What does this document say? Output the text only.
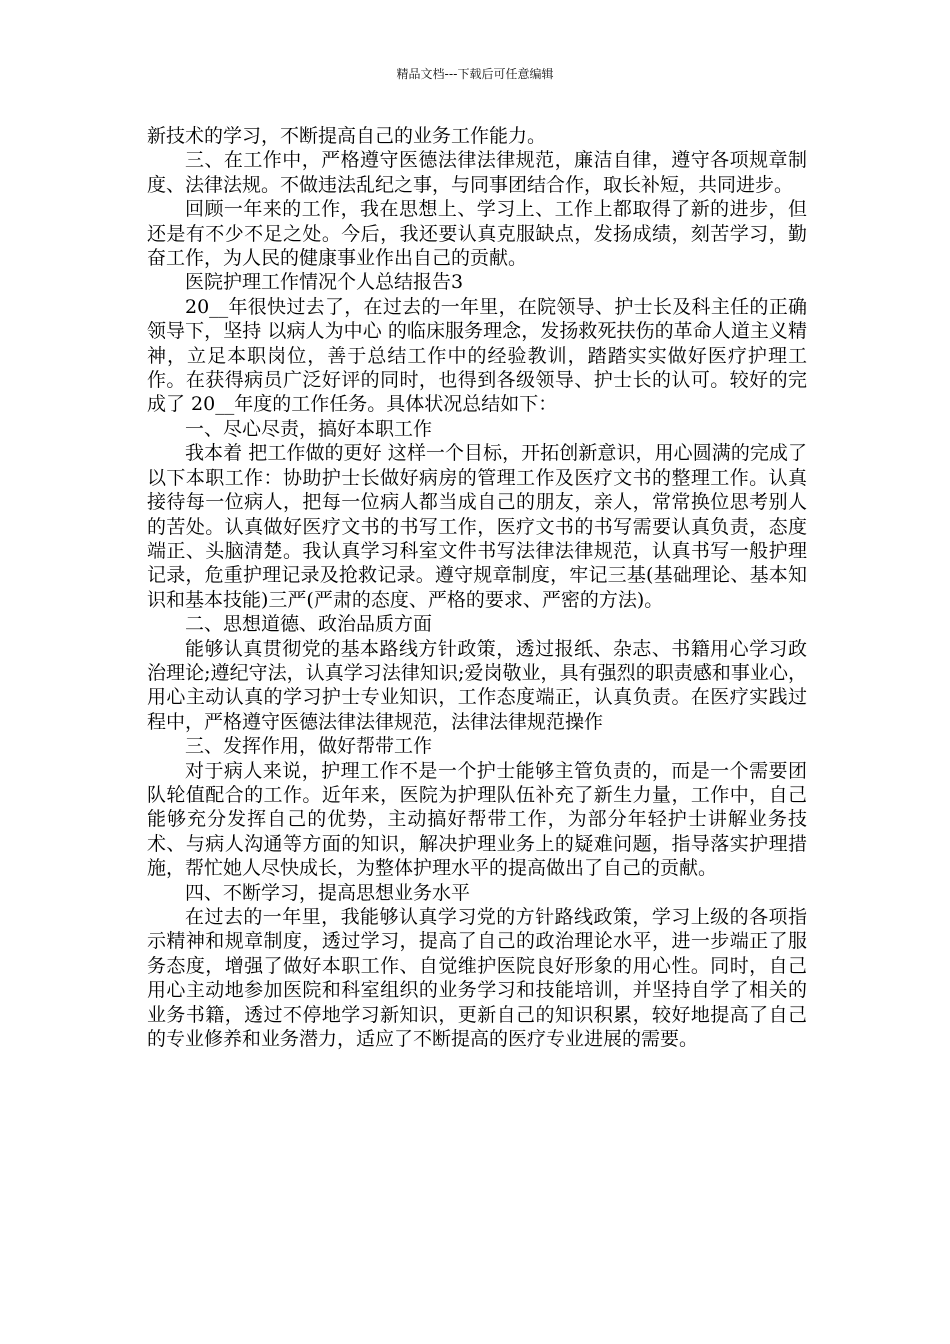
精品文档---下载后可任意编辑

新技术的学习，不断提高自己的业务工作能力。

三、在工作中，严格遵守医德法律法律规范，廉洁自律，遵守各项规章制度、法律法规。不做违法乱纪之事，与同事团结合作，取长补短，共同进步。

回顾一年来的工作，我在思想上、学习上、工作上都取得了新的进步，但还是有不少不足之处。今后，我还要认真克服缺点，发扬成绩，刻苦学习，勤奋工作，为人民的健康事业作出自己的贡献。

医院护理工作情况个人总结报告3

20__年很快过去了，在过去的一年里，在院领导、护士长及科主任的正确领导下，坚持 以病人为中心 的临床服务理念，发扬救死扶伤的革命人道主义精神，立足本职岗位，善于总结工作中的经验教训，踏踏实实做好医疗护理工作。在获得病员广泛好评的同时，也得到各级领导、护士长的认可。较好的完成了 20__年度的工作任务。具体状况总结如下：

一、尽心尽责，搞好本职工作

我本着 把工作做的更好 这样一个目标，开拓创新意识，用心圆满的完成了以下本职工作：协助护士长做好病房的管理工作及医疗文书的整理工作。认真接待每一位病人，把每一位病人都当成自己的朋友，亲人，常常换位思考别人的苦处。认真做好医疗文书的书写工作，医疗文书的书写需要认真负责，态度端正、头脑清楚。我认真学习科室文件书写法律法律规范，认真书写一般护理记录，危重护理记录及抢救记录。遵守规章制度，牢记三基(基础理论、基本知识和基本技能)三严(严肃的态度、严格的要求、严密的方法)。

二、思想道德、政治品质方面

能够认真贯彻党的基本路线方针政策，透过报纸、杂志、书籍用心学习政治理论;遵纪守法，认真学习法律知识;爱岗敬业，具有强烈的职责感和事业心，用心主动认真的学习护士专业知识，工作态度端正，认真负责。在医疗实践过程中，严格遵守医德法律法律规范，法律法律规范操作

三、发挥作用，做好帮带工作

对于病人来说，护理工作不是一个护士能够主管负责的，而是一个需要团队轮值配合的工作。近年来，医院为护理队伍补充了新生力量，工作中，自己能够充分发挥自己的优势，主动搞好帮带工作，为部分年轻护士讲解业务技术、与病人沟通等方面的知识，解决护理业务上的疑难问题，指导落实护理措施，帮忙她人尽快成长，为整体护理水平的提高做出了自己的贡献。

四、不断学习，提高思想业务水平

在过去的一年里，我能够认真学习党的方针路线政策，学习上级的各项指示精神和规章制度，透过学习，提高了自己的政治理论水平，进一步端正了服务态度，增强了做好本职工作、自觉维护医院良好形象的用心性。同时，自己用心主动地参加医院和科室组织的业务学习和技能培训，并坚持自学了相关的业务书籍，透过不停地学习新知识，更新自己的知识积累，较好地提高了自己的专业修养和业务潜力，适应了不断提高的医疗专业进展的需要。
